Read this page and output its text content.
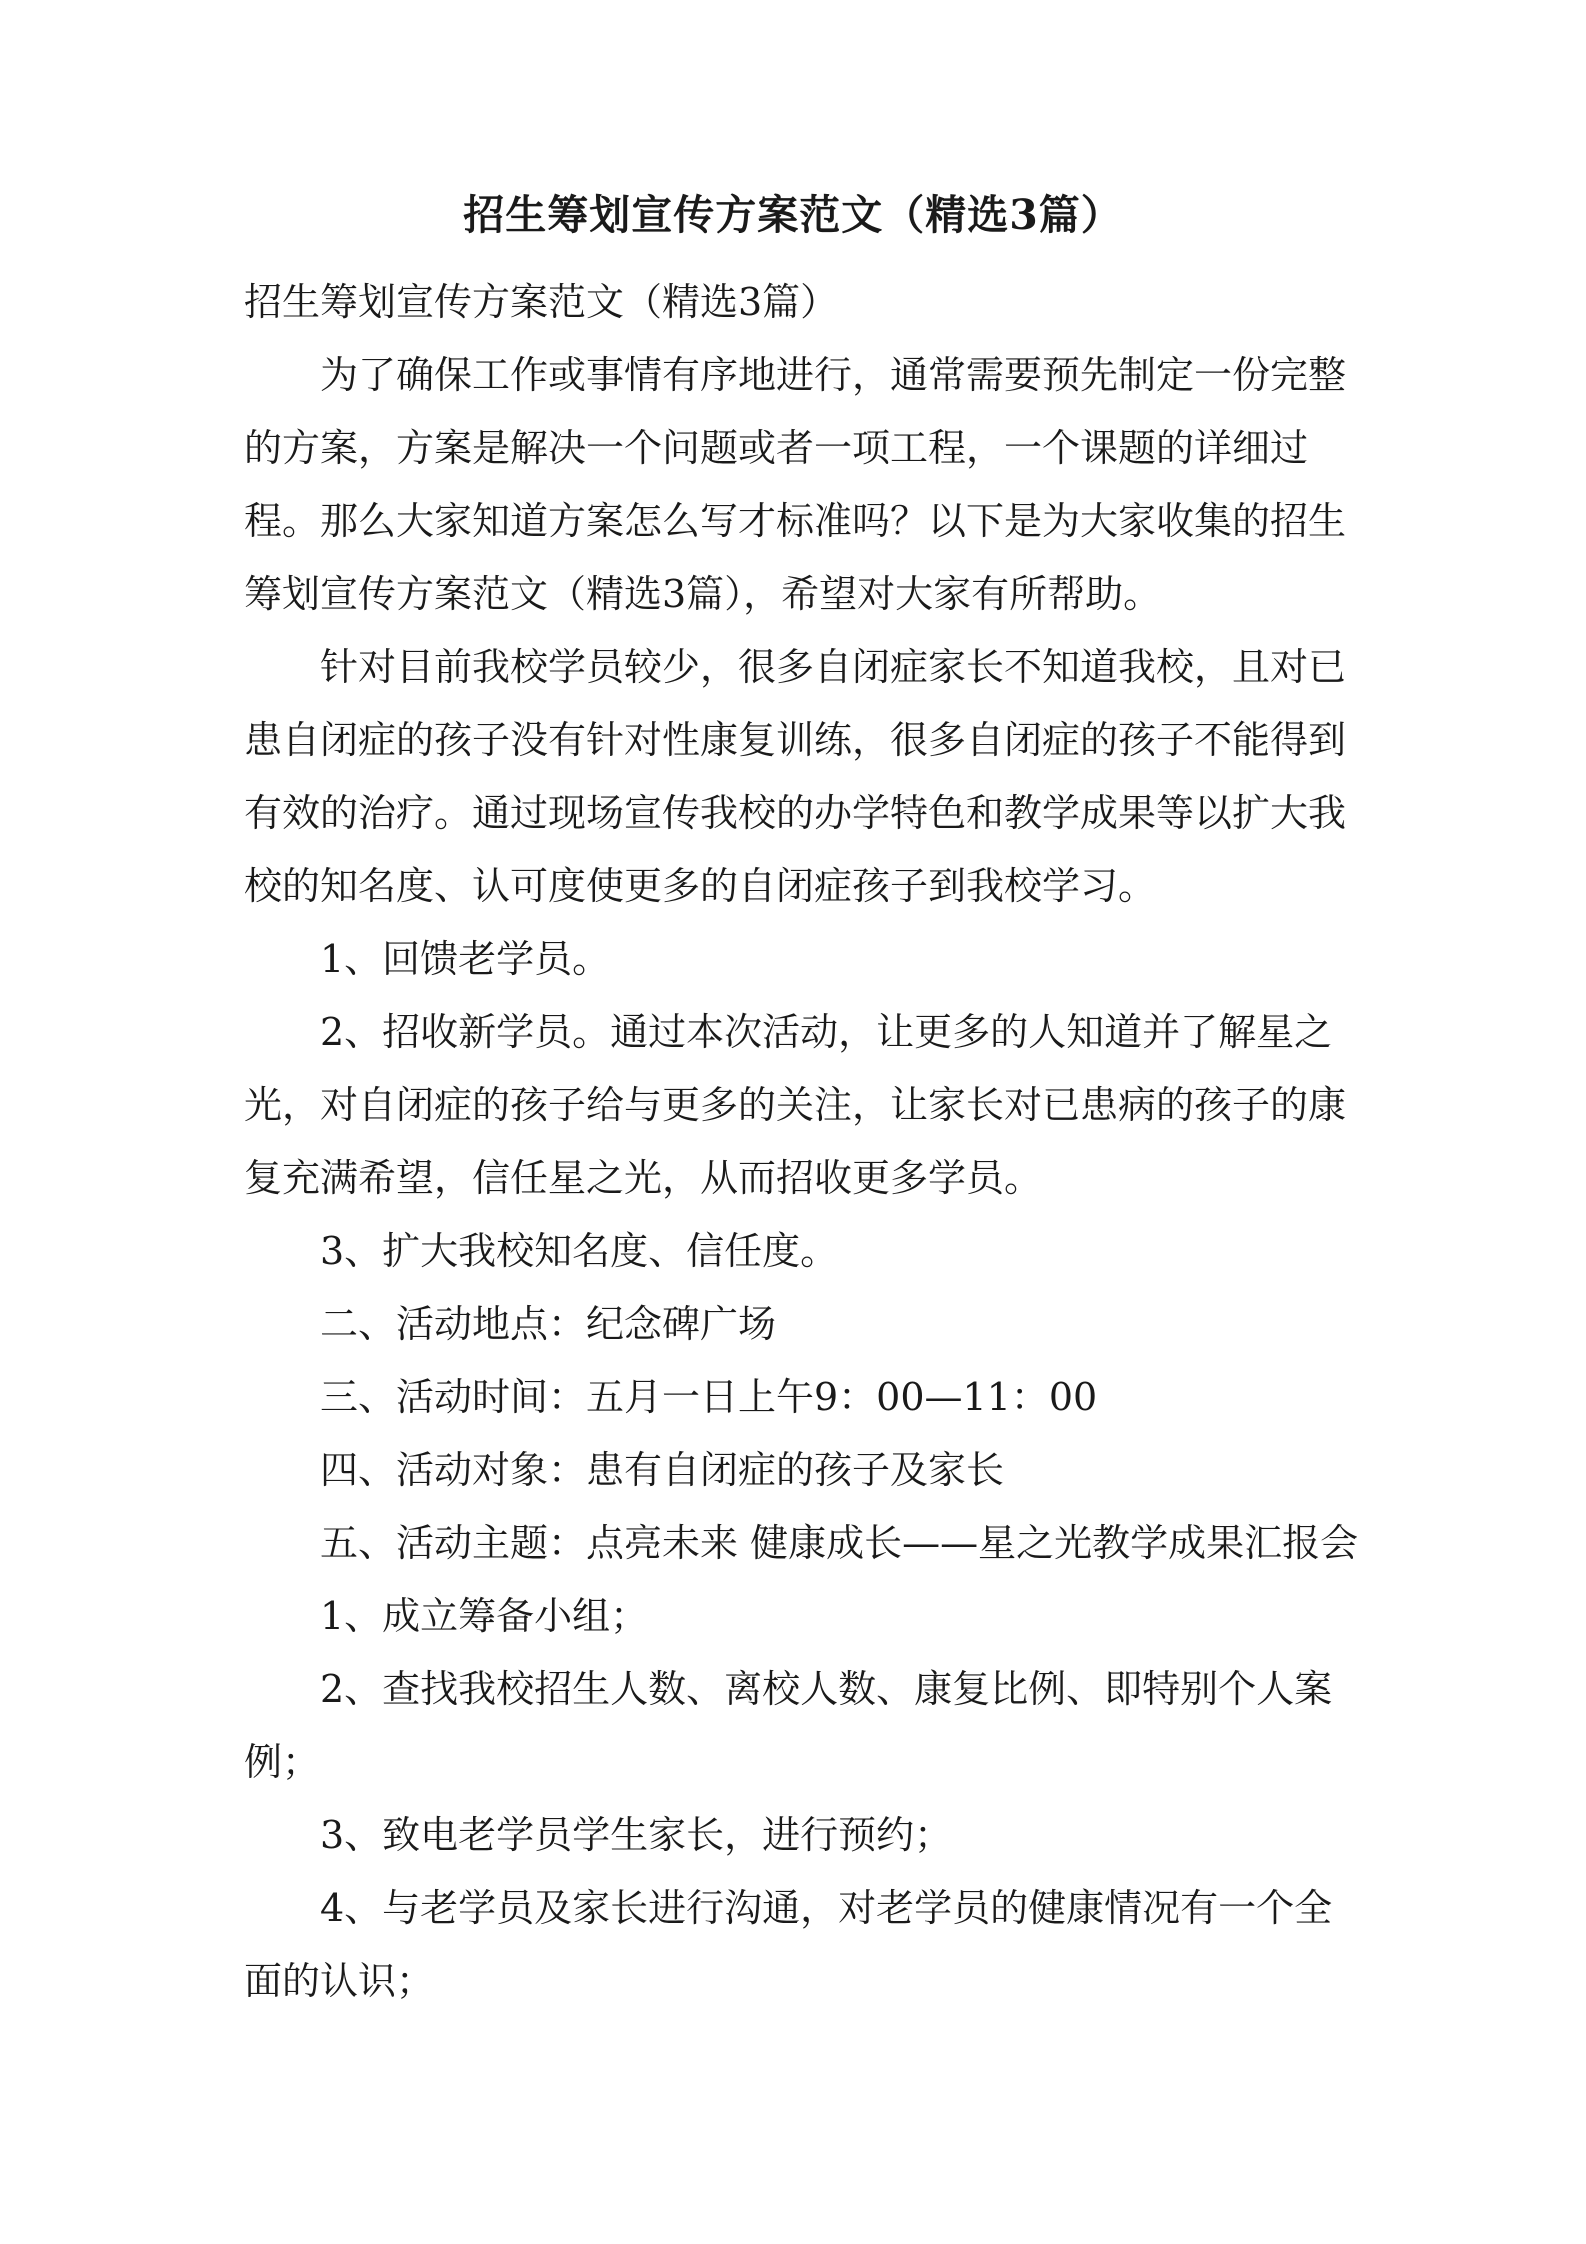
招生筹划宣传方案范文（精选3篇）

招生筹划宣传方案范文（精选3篇）

为了确保工作或事情有序地进行，通常需要预先制定一份完整的方案，方案是解决一个问题或者一项工程，一个课题的详细过程。那么大家知道方案怎么写才标准吗？以下是为大家收集的招生筹划宣传方案范文（精选3篇），希望对大家有所帮助。

针对目前我校学员较少，很多自闭症家长不知道我校，且对已患自闭症的孩子没有针对性康复训练，很多自闭症的孩子不能得到有效的治疗。通过现场宣传我校的办学特色和教学成果等以扩大我校的知名度、认可度使更多的自闭症孩子到我校学习。

1、回馈老学员。

2、招收新学员。通过本次活动，让更多的人知道并了解星之光，对自闭症的孩子给与更多的关注，让家长对已患病的孩子的康复充满希望，信任星之光，从而招收更多学员。

3、扩大我校知名度、信任度。

二、活动地点：纪念碑广场

三、活动时间：五月一日上午9：00—11：00

四、活动对象：患有自闭症的孩子及家长

五、活动主题：点亮未来 健康成长——星之光教学成果汇报会

1、成立筹备小组；

2、查找我校招生人数、离校人数、康复比例、即特别个人案例；

3、致电老学员学生家长，进行预约；

4、与老学员及家长进行沟通，对老学员的健康情况有一个全面的认识；
